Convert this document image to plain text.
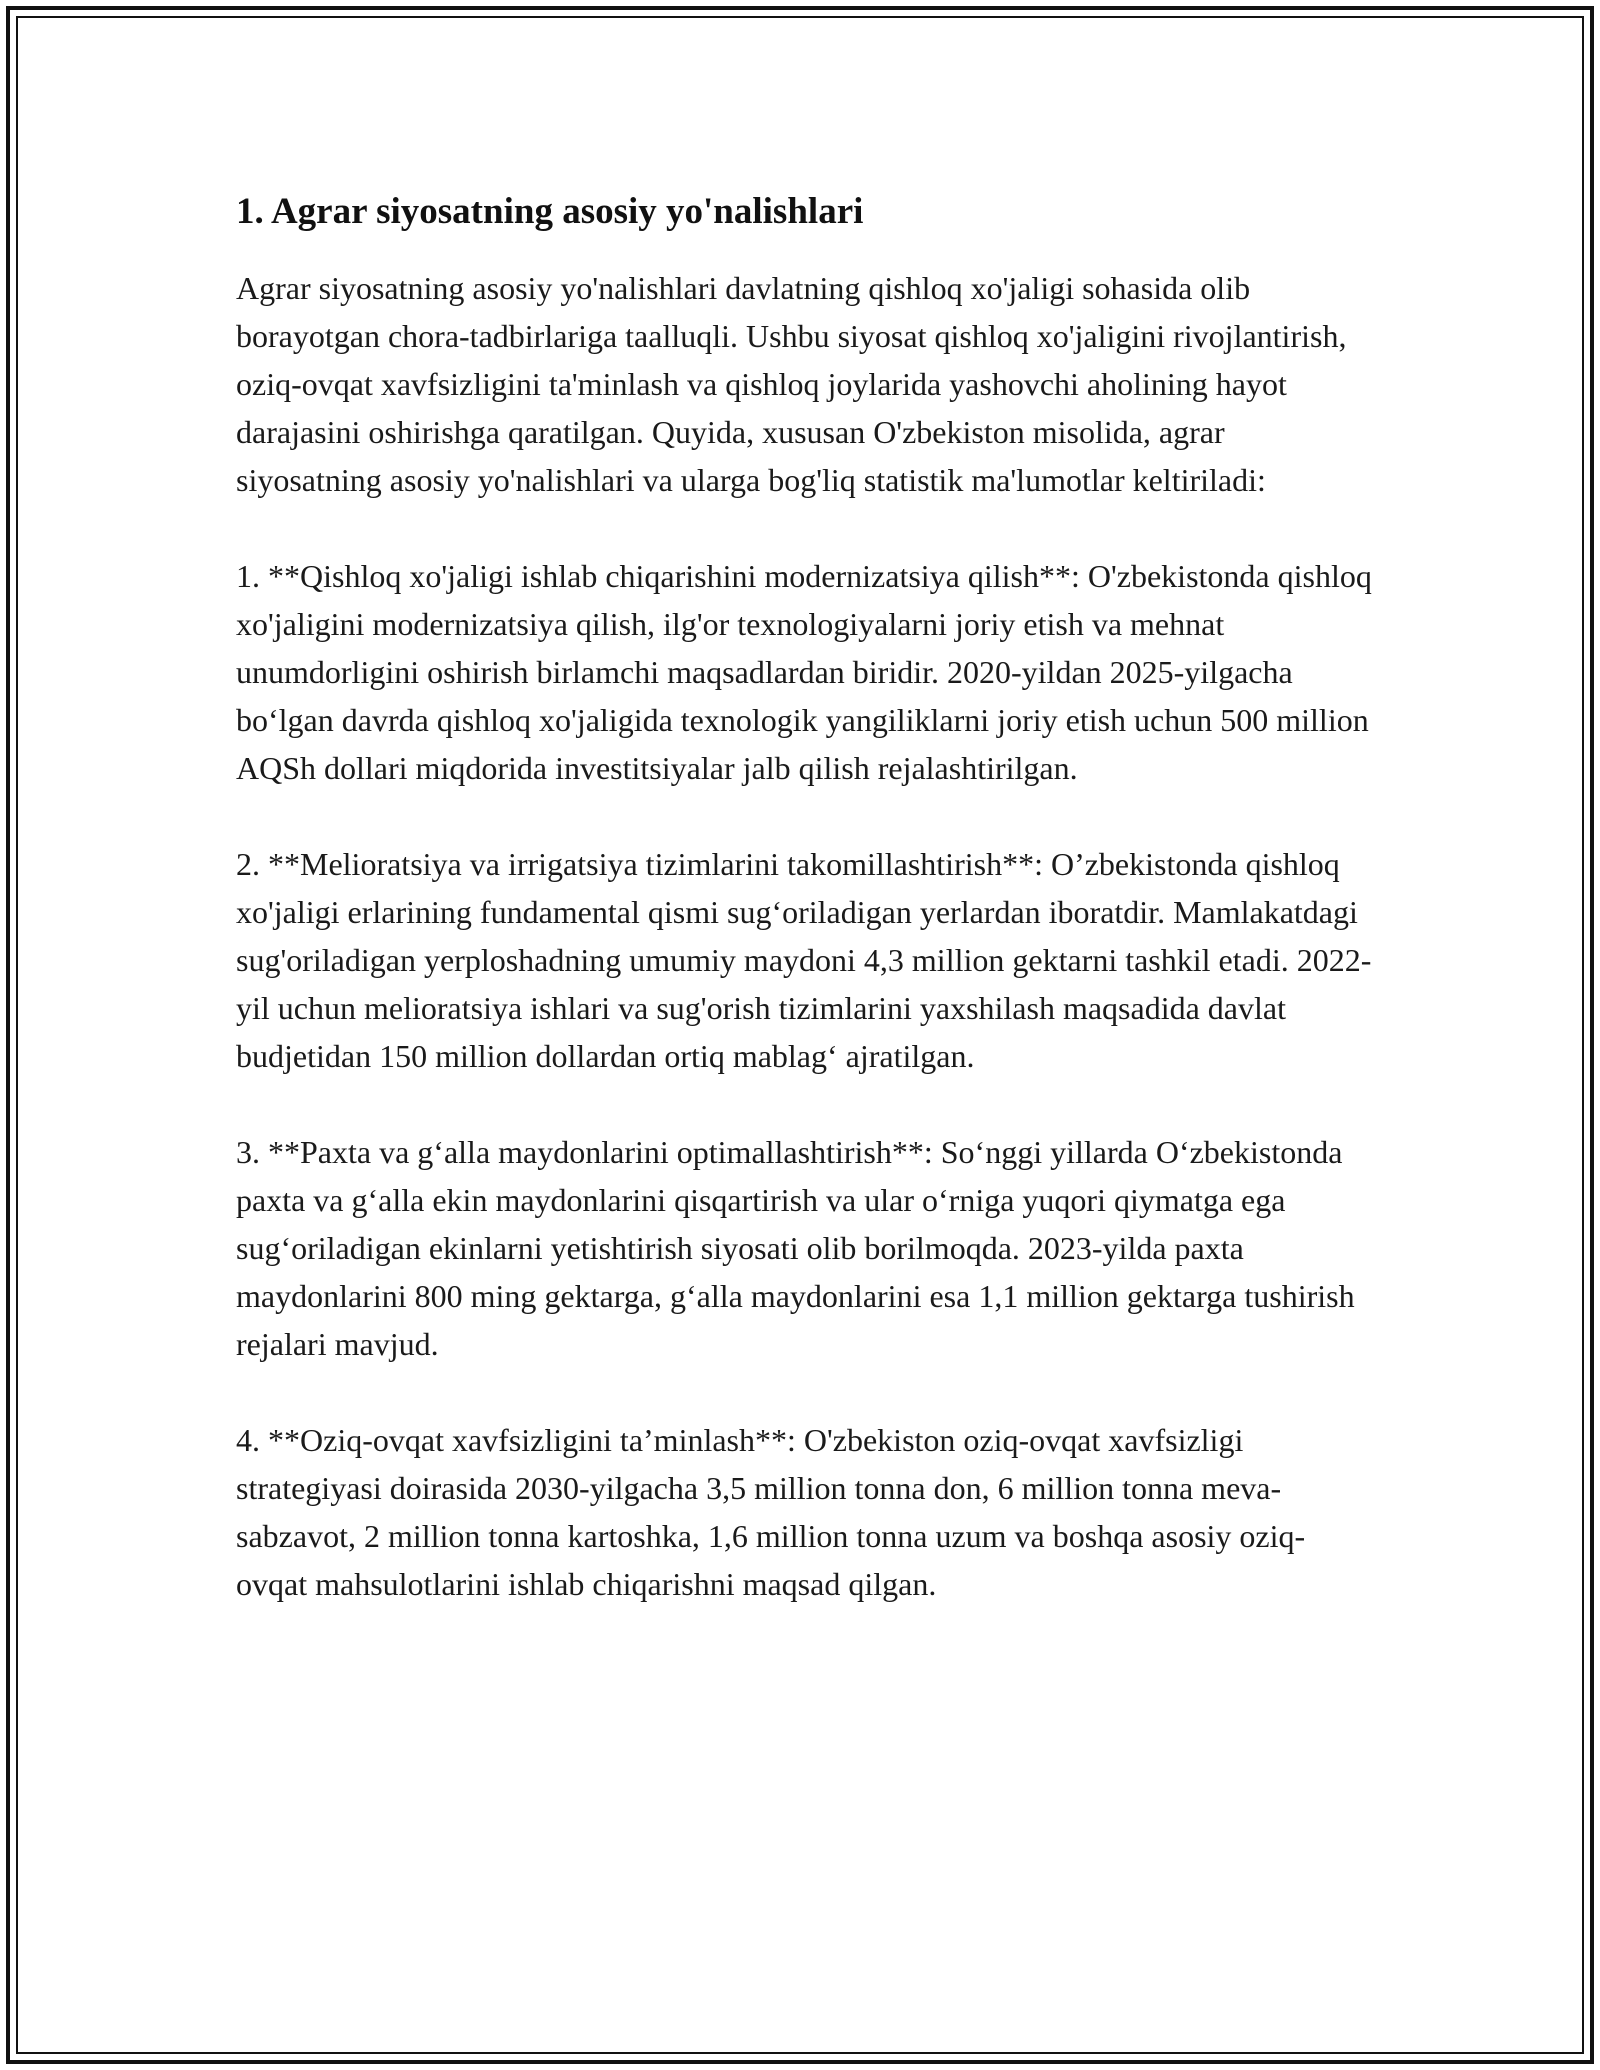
1. Agrar siyosatning asosiy yo'nalishlari

Agrar siyosatning asosiy yo'nalishlari davlatning qishloq xo'jaligi sohasida olib borayotgan chora-tadbirlariga taalluqli. Ushbu siyosat qishloq xo'jaligini rivojlantirish, oziq-ovqat xavfsizligini ta'minlash va qishloq joylarida yashovchi aholining hayot darajasini oshirishga qaratilgan. Quyida, xususan O'zbekiston misolida, agrar siyosatning asosiy yo'nalishlari va ularga bog'liq statistik ma'lumotlar keltiriladi:

1. **Qishloq xo'jaligi ishlab chiqarishini modernizatsiya qilish**: O'zbekistonda qishloq xo'jaligini modernizatsiya qilish, ilg'or texnologiyalarni joriy etish va mehnat unumdorligini oshirish birlamchi maqsadlardan biridir. 2020-yildan 2025-yilgacha bo‘lgan davrda qishloq xo'jaligida texnologik yangiliklarni joriy etish uchun 500 million AQSh dollari miqdorida investitsiyalar jalb qilish rejalashtirilgan.

2. **Melioratsiya va irrigatsiya tizimlarini takomillashtirish**: O’zbekistonda qishloq xo'jaligi erlarining fundamental qismi sug‘oriladigan yerlardan iboratdir. Mamlakatdagi sug'oriladigan yerploshadning umumiy maydoni 4,3 million gektarni tashkil etadi. 2022-yil uchun melioratsiya ishlari va sug'orish tizimlarini yaxshilash maqsadida davlat budjetidan 150 million dollardan ortiq mablag‘ ajratilgan.

3. **Paxta va g‘alla maydonlarini optimallashtirish**: So‘nggi yillarda O‘zbekistonda paxta va g‘alla ekin maydonlarini qisqartirish va ular o‘rniga yuqori qiymatga ega sug‘oriladigan ekinlarni yetishtirish siyosati olib borilmoqda. 2023-yilda paxta maydonlarini 800 ming gektarga, g‘alla maydonlarini esa 1,1 million gektarga tushirish rejalari mavjud.

4. **Oziq-ovqat xavfsizligini ta’minlash**: O'zbekiston oziq-ovqat xavfsizligi strategiyasi doirasida 2030-yilgacha 3,5 million tonna don, 6 million tonna meva-sabzavot, 2 million tonna kartoshka, 1,6 million tonna uzum va boshqa asosiy oziq-ovqat mahsulotlarini ishlab chiqarishni maqsad qilgan.
